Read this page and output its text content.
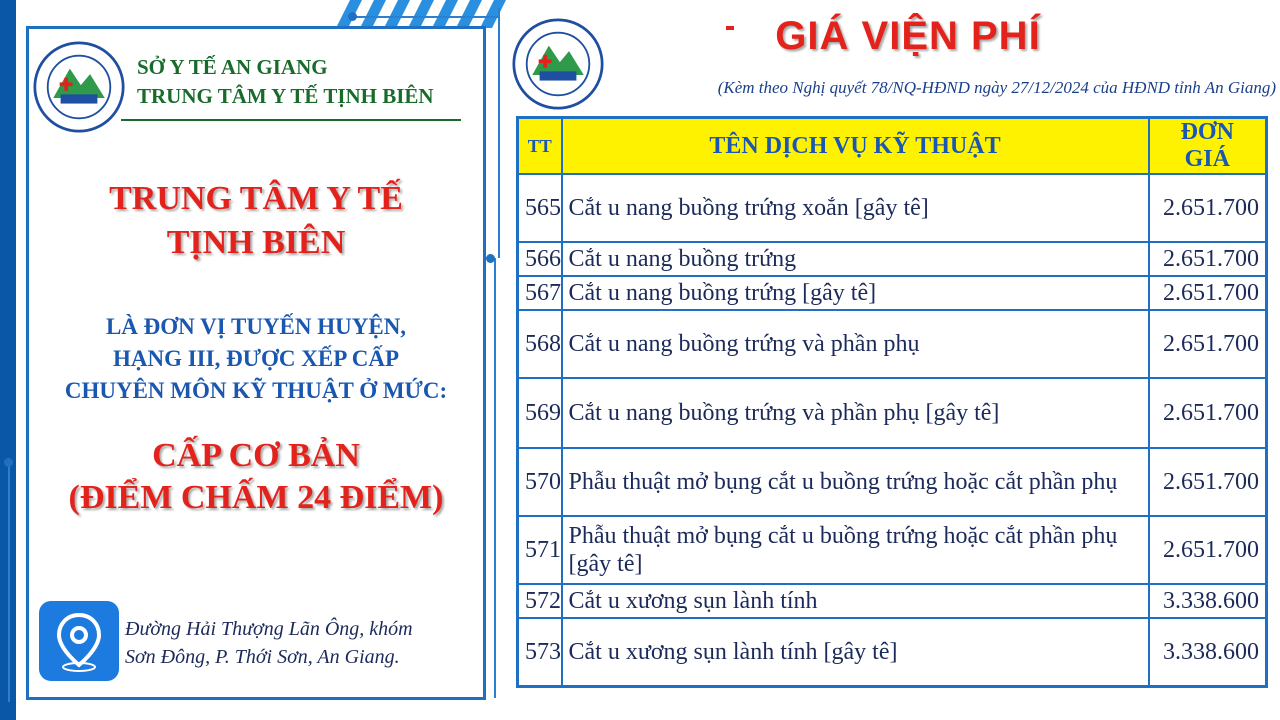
SỞ Y TẾ AN GIANG
TRUNG TÂM Y TẾ TỊNH BIÊN
TRUNG TÂM Y TẾ
TỊNH BIÊN
LÀ ĐƠN VỊ TUYẾN HUYỆN,
HẠNG III, ĐƯỢC XẾP CẤP
CHUYÊN MÔN KỸ THUẬT Ở MỨC:
CẤP CƠ BẢN
(ĐIỂM CHẤM 24 ĐIỂM)
Đường Hải Thượng Lãn Ông, khóm
Sơn Đông, P. Thới Sơn, An Giang.
GIÁ VIỆN PHÍ
(Kèm theo Nghị quyết 78/NQ-HĐND ngày 27/12/2024 của HĐND tỉnh An Giang)
TT	TÊN DỊCH VỤ KỸ THUẬT	ĐƠN GIÁ
565	Cắt u nang buồng trứng xoắn [gây tê]	2.651.700
566	Cắt u nang buồng trứng	2.651.700
567	Cắt u nang buồng trứng [gây tê]	2.651.700
568	Cắt u nang buồng trứng và phần phụ	2.651.700
569	Cắt u nang buồng trứng và phần phụ [gây tê]	2.651.700
570	Phẫu thuật mở bụng cắt u buồng trứng hoặc cắt phần phụ	2.651.700
571	Phẫu thuật mở bụng cắt u buồng trứng hoặc cắt phần phụ [gây tê]	2.651.700
572	Cắt u xương sụn lành tính	3.338.600
573	Cắt u xương sụn lành tính [gây tê]	3.338.600
